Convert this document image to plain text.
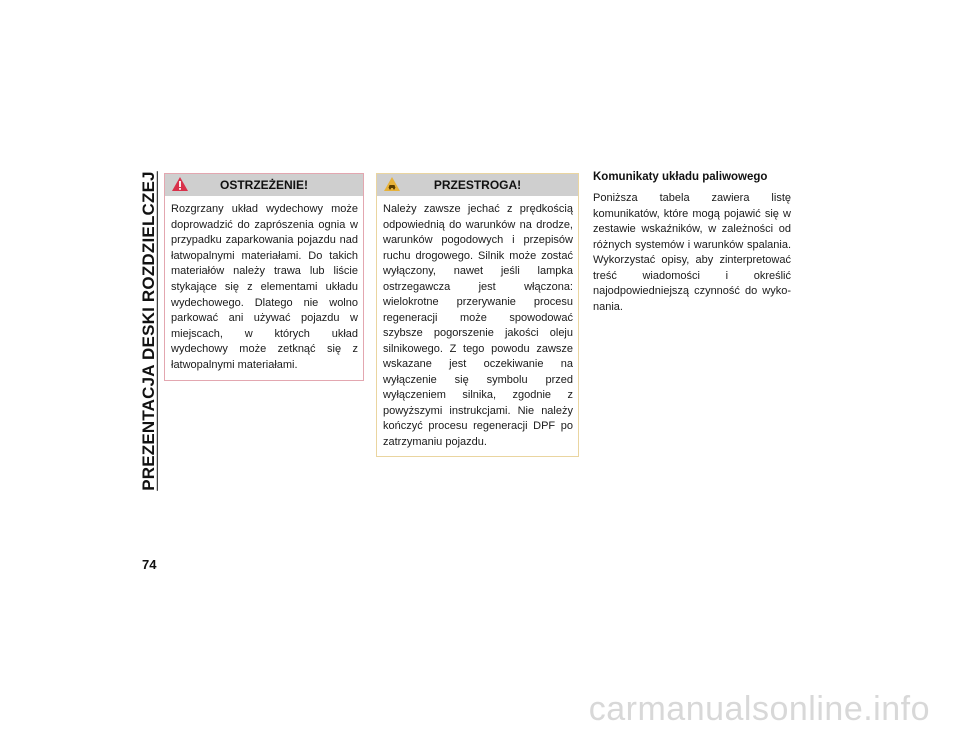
PREZENTACJA DESKI ROZDZIELCZEJ
74
OSTRZEŻENIE!
Rozgrzany układ wydechowy może doprowadzić do zaprószenia ognia w przypadku zaparkowania pojazdu nad łatwopalnymi materiałami. Do takich materiałów należy trawa lub liście stykające się z elementami układu wydechowego. Dlatego nie wolno parkować ani używać pojazdu w miejscach, w których układ wydechowy może zetknąć się z łatwopalnymi materiałami.
PRZESTROGA!
Należy zawsze jechać z prędkością odpowiednią do warunków na drodze, warunków pogodowych i przepisów ruchu drogowego. Silnik może zostać wyłączony, nawet jeśli lampka ostrzegawcza jest włączona: wielokrotne przerywanie procesu regeneracji może spowodować szybsze pogorszenie jakości oleju silnikowego. Z tego powodu zawsze wskazane jest oczekiwanie na wyłączenie się symbolu przed wyłączeniem silnika, zgodnie z powyższymi instrukcjami. Nie należy kończyć procesu regeneracji DPF po zatrzymaniu pojazdu.
Komunikaty układu paliwowego
Poniższa tabela zawiera listę komunikatów, które mogą pojawić się w zestawie wskaźników, w zależności od różnych systemów i warunków spalania. Wykorzystać opisy, aby zinterpretować treść wiadomości i określić najodpowiedniejszą czynność do wykonania.
carmanualsonline.info
